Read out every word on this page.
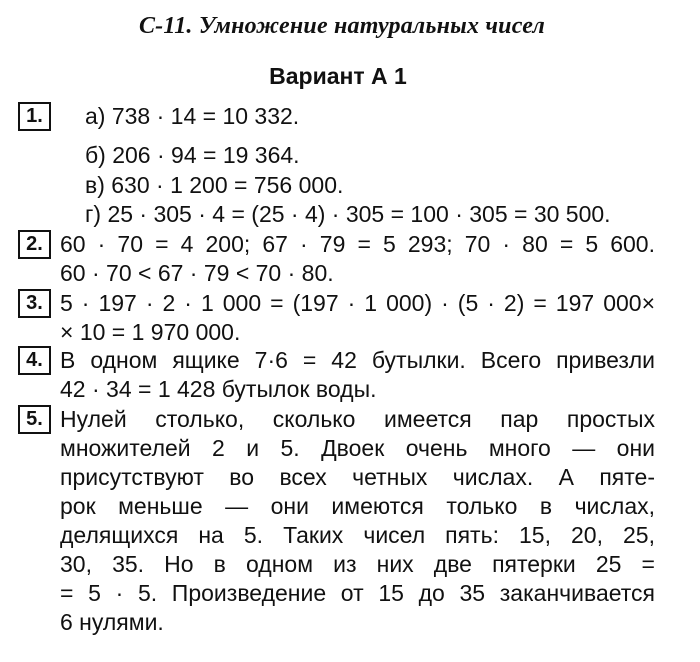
С-11. Умножение натуральных чисел
Вариант А 1
1.	а) 738 · 14 = 10 332.
б) 206 · 94 = 19 364.
в) 630 · 1 200 = 756 000.
г) 25 · 305 · 4 = (25 · 4) · 305 = 100 · 305 = 30 500.
2. 60 · 70 = 4 200; 67 · 79 = 5 293; 70 · 80 = 5 600.
60 · 70 < 67 · 79 < 70 · 80.
3. 5 · 197 · 2 · 1 000 = (197 · 1 000) · (5 · 2) = 197 000×
× 10 = 1 970 000.
4. В одном ящике 7·6 = 42 бутылки. Всего привезли
42 · 34 = 1 428 бутылок воды.
5. Нулей столько, сколько имеется пар простых
множителей 2 и 5. Двоек очень много — они
присутствуют во всех четных числах. А пяте-
рок меньше — они имеются только в числах,
делящихся на 5. Таких чисел пять: 15, 20, 25,
30, 35. Но в одном из них две пятерки 25 =
= 5 · 5. Произведение от 15 до 35 заканчивается
6 нулями.
